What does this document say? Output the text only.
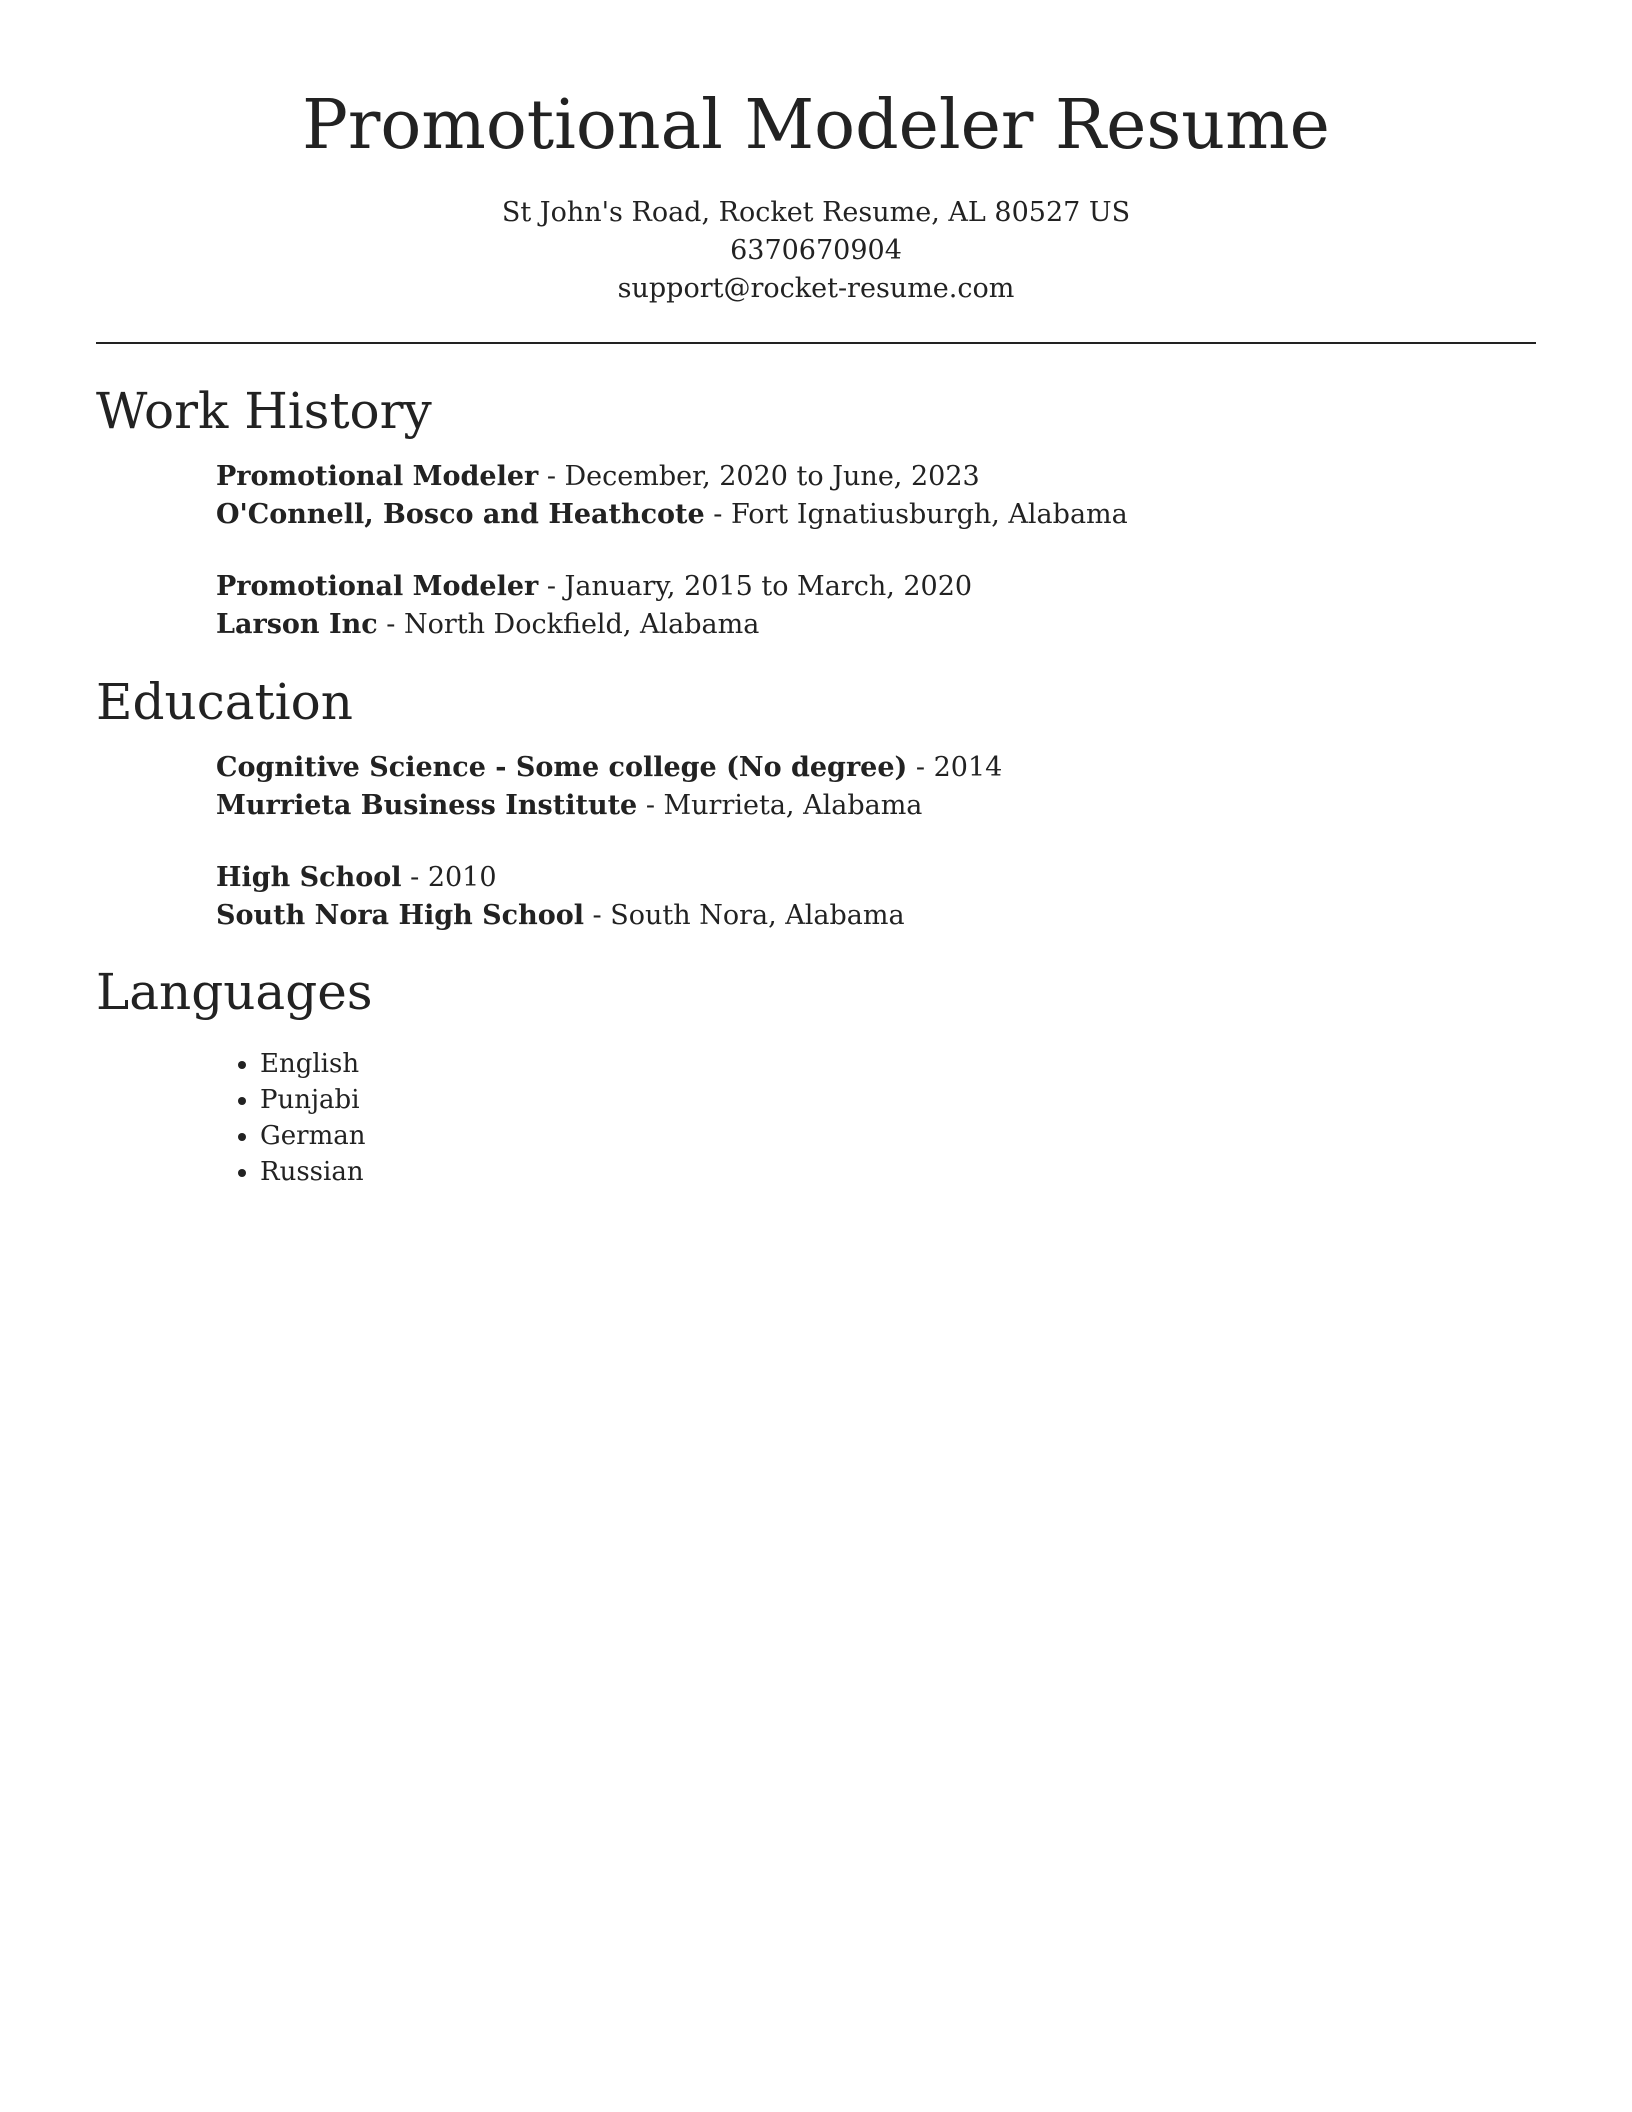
Promotional Modeler Resume
St John's Road, Rocket Resume, AL 80527 US
6370670904
support@rocket-resume.com
Work History
Promotional Modeler - December, 2020 to June, 2023
O'Connell, Bosco and Heathcote - Fort Ignatiusburgh, Alabama
Promotional Modeler - January, 2015 to March, 2020
Larson Inc - North Dockfield, Alabama
Education
Cognitive Science - Some college (No degree) - 2014
Murrieta Business Institute - Murrieta, Alabama
High School - 2010
South Nora High School - South Nora, Alabama
Languages
• English
• Punjabi
• German
• Russian
